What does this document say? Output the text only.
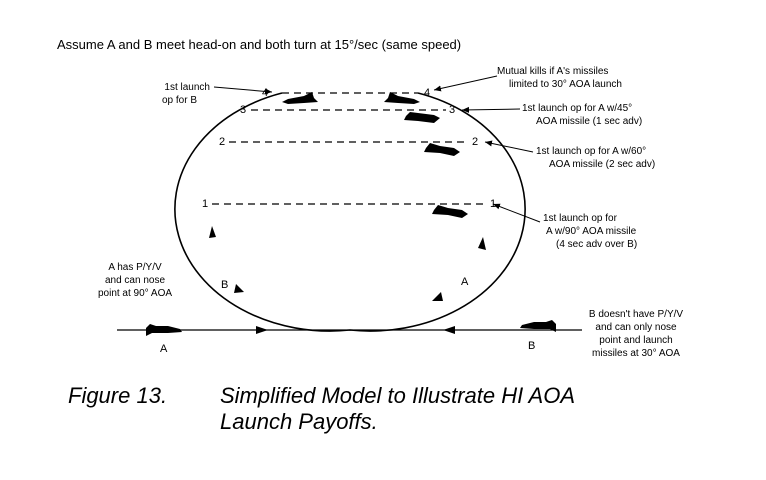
Assume A and B meet head-on and both turn at 15°/sec (same speed)
4	4
3	3
2	2
1	1
1st launch
op for B
Mutual kills if A's missiles
limited to 30° AOA launch
1st launch op for A w/45°
AOA missile (1 sec adv)
1st launch op for A w/60°
AOA missile (2 sec adv)
1st launch op for
A w/90° AOA missile
(4 sec adv over B)
A has P/Y/V
and can nose
point at 90° AOA
B doesn't have P/Y/V
and can only nose
point and launch
missiles at 30° AOA
B	A
A	B
Figure 13. Simplified Model to Illustrate HI AOA
Launch Payoffs.
